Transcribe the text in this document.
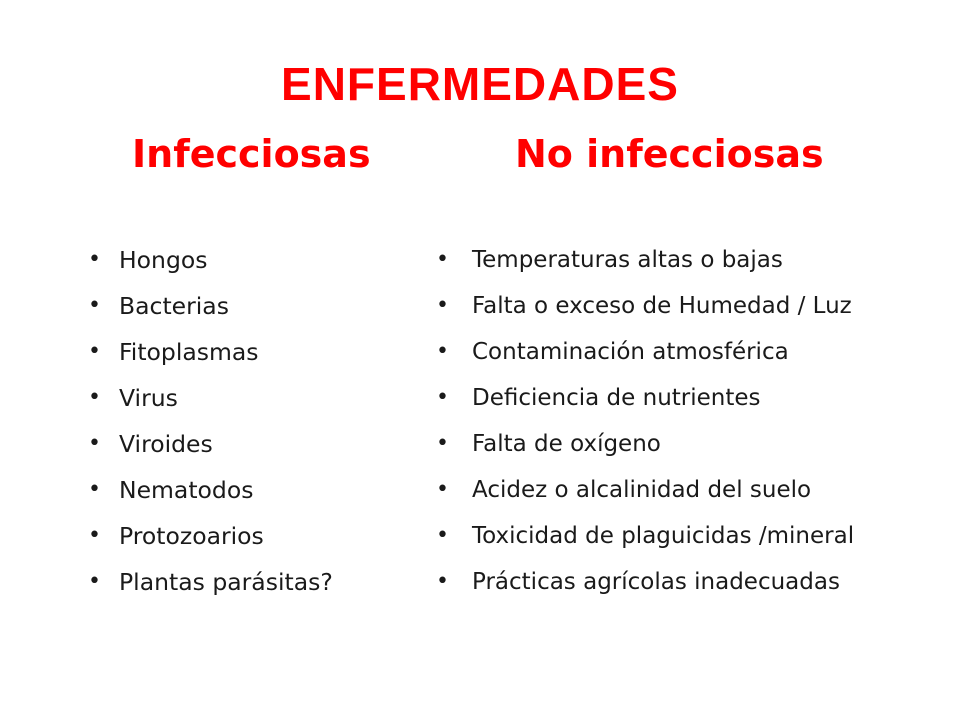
ENFERMEDADES
Infecciosas	No infecciosas
• Hongos
• Bacterias
• Fitoplasmas
• Virus
• Viroides
• Nematodos
• Protozoarios
• Plantas parásitas?
• Temperaturas altas o bajas
• Falta o exceso de Humedad / Luz
• Contaminación atmosférica
• Deficiencia de nutrientes
• Falta de oxígeno
• Acidez o alcalinidad del suelo
• Toxicidad de plaguicidas /mineral
• Prácticas agrícolas inadecuadas
